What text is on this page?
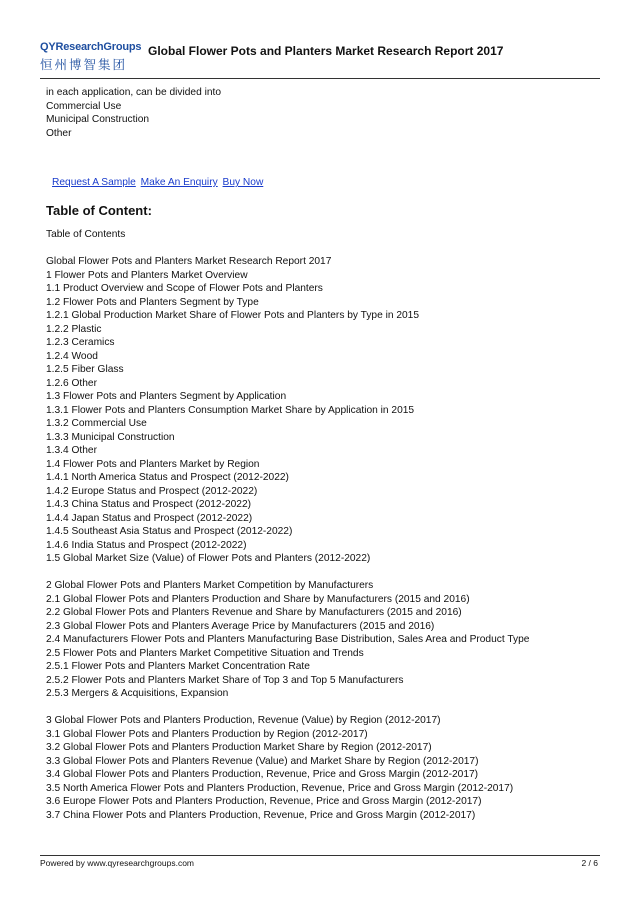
QYResearchGroups
恒州博智集团
Global Flower Pots and Planters Market Research Report 2017
in each application, can be divided into
Commercial Use
Municipal Construction
Other
Request A Sample Make An Enquiry Buy Now
Table of Content:
Table of Contents
Global Flower Pots and Planters Market Research Report 2017
1 Flower Pots and Planters Market Overview
1.1 Product Overview and Scope of Flower Pots and Planters
1.2 Flower Pots and Planters Segment by Type
1.2.1 Global Production Market Share of Flower Pots and Planters by Type in 2015
1.2.2 Plastic
1.2.3 Ceramics
1.2.4 Wood
1.2.5 Fiber Glass
1.2.6 Other
1.3 Flower Pots and Planters Segment by Application
1.3.1 Flower Pots and Planters Consumption Market Share by Application in 2015
1.3.2 Commercial Use
1.3.3 Municipal Construction
1.3.4 Other
1.4 Flower Pots and Planters Market by Region
1.4.1 North America Status and Prospect (2012-2022)
1.4.2 Europe Status and Prospect (2012-2022)
1.4.3 China Status and Prospect (2012-2022)
1.4.4 Japan Status and Prospect (2012-2022)
1.4.5 Southeast Asia Status and Prospect (2012-2022)
1.4.6 India Status and Prospect (2012-2022)
1.5 Global Market Size (Value) of Flower Pots and Planters (2012-2022)
2 Global Flower Pots and Planters Market Competition by Manufacturers
2.1 Global Flower Pots and Planters Production and Share by Manufacturers (2015 and 2016)
2.2 Global Flower Pots and Planters Revenue and Share by Manufacturers (2015 and 2016)
2.3 Global Flower Pots and Planters Average Price by Manufacturers (2015 and 2016)
2.4 Manufacturers Flower Pots and Planters Manufacturing Base Distribution, Sales Area and Product Type
2.5 Flower Pots and Planters Market Competitive Situation and Trends
2.5.1 Flower Pots and Planters Market Concentration Rate
2.5.2 Flower Pots and Planters Market Share of Top 3 and Top 5 Manufacturers
2.5.3 Mergers & Acquisitions, Expansion
3 Global Flower Pots and Planters Production, Revenue (Value) by Region (2012-2017)
3.1 Global Flower Pots and Planters Production by Region (2012-2017)
3.2 Global Flower Pots and Planters Production Market Share by Region (2012-2017)
3.3 Global Flower Pots and Planters Revenue (Value) and Market Share by Region (2012-2017)
3.4 Global Flower Pots and Planters Production, Revenue, Price and Gross Margin (2012-2017)
3.5 North America Flower Pots and Planters Production, Revenue, Price and Gross Margin (2012-2017)
3.6 Europe Flower Pots and Planters Production, Revenue, Price and Gross Margin (2012-2017)
3.7 China Flower Pots and Planters Production, Revenue, Price and Gross Margin (2012-2017)
Powered by www.qyresearchgroups.com	2 / 6
